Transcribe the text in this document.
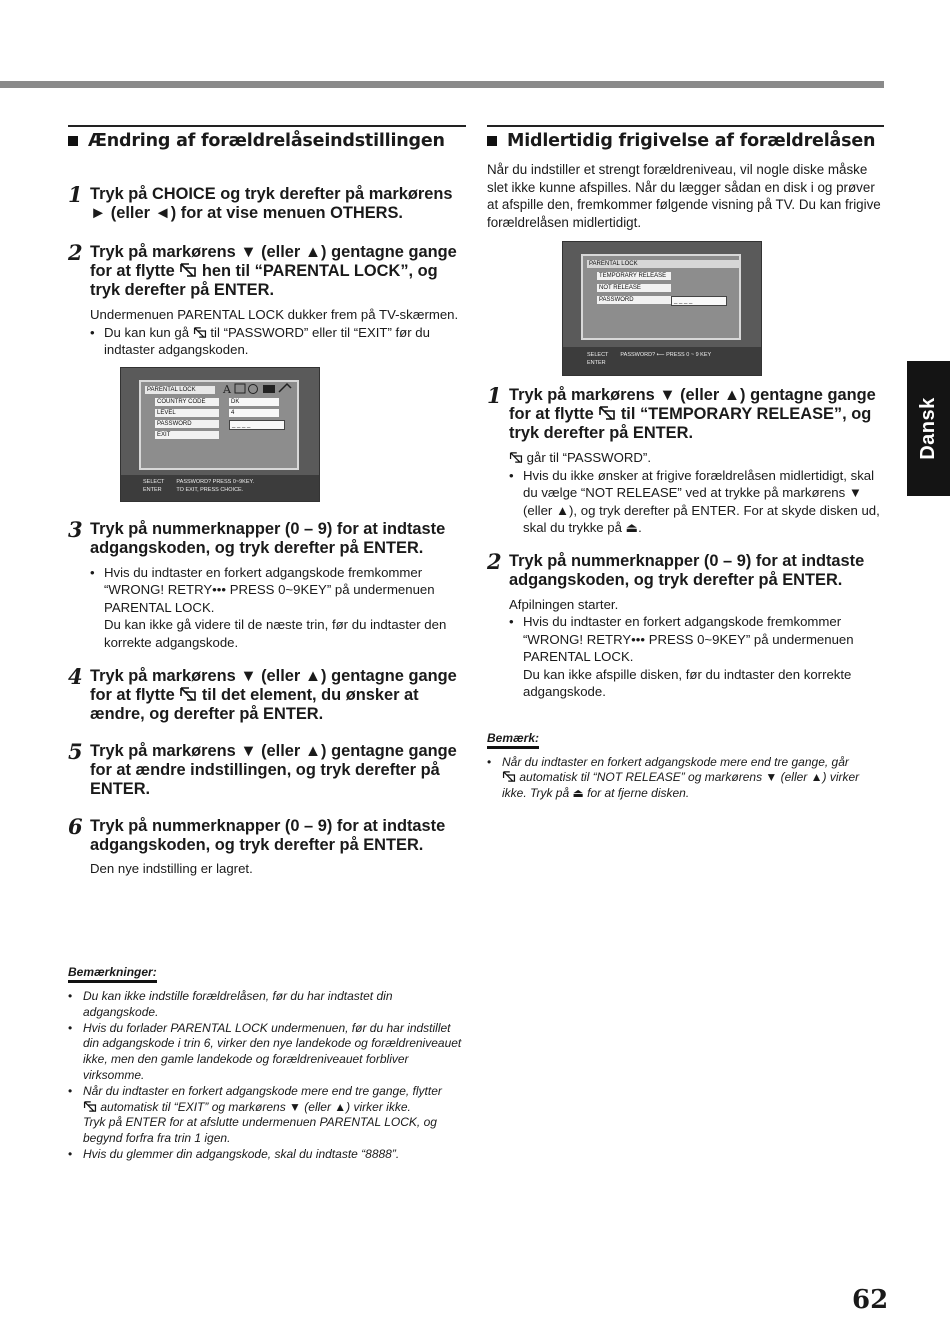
Ændring af forældrelåseindstillingen
1 Tryk på CHOICE og tryk derefter på markørens ► (eller ◄) for at vise menuen OTHERS.
2 Tryk på markørens ▼ (eller ▲) gentagne gange for at flytte hen til “PARENTAL LOCK”, og tryk derefter på ENTER.
Undermenuen PARENTAL LOCK dukker frem på TV-skærmen.
• Du kan kun gå til “PASSWORD” eller til “EXIT” før du indtaster adgangskoden.
PARENTAL LOCK	A
COUNTRY CODE	DK
LEVEL	4
PASSWORD	_ _ _ _
EXIT
SELECT
ENTER
PASSWORD? PRESS 0~9KEY.
TO EXIT, PRESS CHOICE.
3 Tryk på nummerknapper (0 – 9) for at indtaste adgangskoden, og tryk derefter på ENTER.
• Hvis du indtaster en forkert adgangskode fremkommer “WRONG! RETRY••• PRESS 0~9KEY” på undermenuen PARENTAL LOCK.
Du kan ikke gå videre til de næste trin, før du indtaster den korrekte adgangskode.
4 Tryk på markørens ▼ (eller ▲) gentagne gange for at flytte til det element, du ønsker at ændre, og derefter på ENTER.
5 Tryk på markørens ▼ (eller ▲) gentagne gange for at ændre indstillingen, og tryk derefter på ENTER.
6 Tryk på nummerknapper (0 – 9) for at indtaste adgangskoden, og tryk derefter på ENTER.
Den nye indstilling er lagret.
Bemærkninger:
• Du kan ikke indstille forældrelåsen, før du har indtastet din adgangskode.
• Hvis du forlader PARENTAL LOCK undermenuen, før du har indstillet din adgangskode i trin 6, virker den nye landekode og forældreniveauet ikke, men den gamle landekode og forældreniveauet forbliver virksomme.
• Når du indtaster en forkert adgangskode mere end tre gange, flytter
automatisk til “EXIT” og markørens ▼ (eller ▲) virker ikke.
Tryk på ENTER for at afslutte undermenuen PARENTAL LOCK, og begynd forfra fra trin 1 igen.
• Hvis du glemmer din adgangskode, skal du indtaste “8888”.
Midlertidig frigivelse af forældrelåsen
Når du indstiller et strengt forældreniveau, vil nogle diske måske slet ikke kunne afspilles. Når du lægger sådan en disk i og prøver at afspille den, fremkommer følgende visning på TV. Du kan frigive forældrelåsen midlertidigt.
PARENTAL LOCK
TEMPORARY RELEASE
NOT RELEASE
PASSWORD	_ _ _ _
SELECT
ENTER
PASSWORD? ⟵ PRESS 0 ~ 9 KEY
1 Tryk på markørens ▼ (eller ▲) gentagne gange for at flytte til “TEMPORARY RELEASE”, og tryk derefter på ENTER.
går til “PASSWORD”.
• Hvis du ikke ønsker at frigive forældrelåsen midlertidigt, skal du vælge “NOT RELEASE” ved at trykke på markørens ▼ (eller ▲), og tryk derefter på ENTER. For at skyde disken ud, skal du trykke på ⏏.
2 Tryk på nummerknapper (0 – 9) for at indtaste adgangskoden, og tryk derefter på ENTER.
Afpilningen starter.
• Hvis du indtaster en forkert adgangskode fremkommer “WRONG! RETRY••• PRESS 0~9KEY” på undermenuen PARENTAL LOCK.
Du kan ikke afspille disken, før du indtaster den korrekte adgangskode.
Bemærk:
• Når du indtaster en forkert adgangskode mere end tre gange, går
automatisk til “NOT RELEASE” og markørens ▼ (eller ▲) virker ikke. Tryk på ⏏ for at fjerne disken.
Dansk
62
